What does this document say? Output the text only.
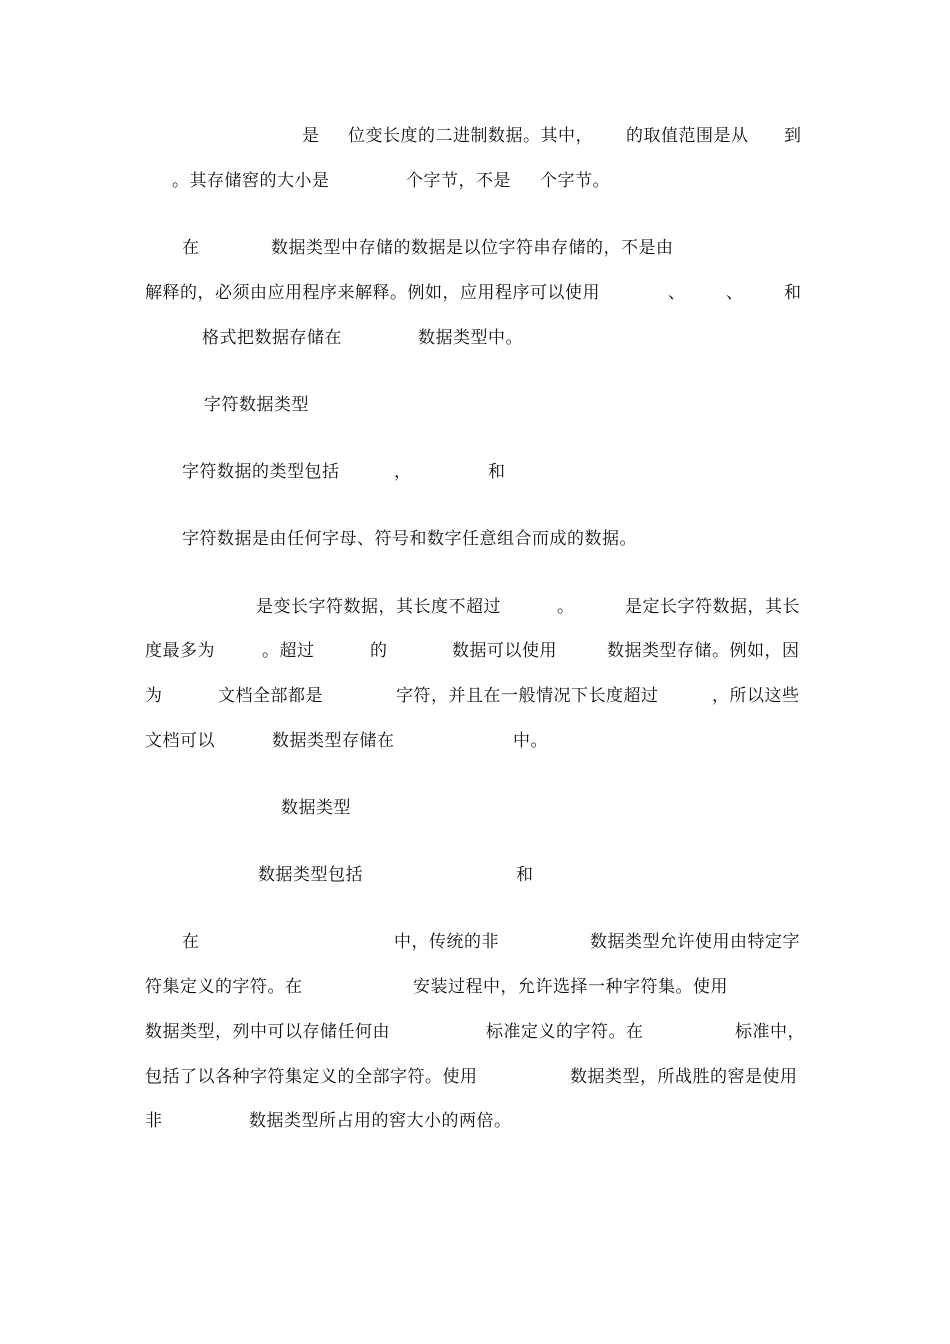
是 位变长度的二进制数据。其中， 的取值范围是从 到
。其存储窖的大小是	个字节，不是 个字节。
在	数据类型中存储的数据是以位字符串存储的，不是由
解释的，必须由应用程序来解释。例如，应用程序可以使用	、 、 和
格式把数据存储在	数据类型中。
字符数据类型
字符数据的类型包括	，	和
字符数据是由任何字母、符号和数字任意组合而成的数据。
是变长字符数据，其长度不超过	。	是定长字符数据，其长
度最多为	。超过	的	数据可以使用	数据类型存储。例如，因
为	文档全部都是	字符，并且在一般情况下长度超过	，所以这些
文档可以	数据类型存储在	中。
数据类型
数据类型包括	和
在	中，传统的非	数据类型允许使用由特定字
符集定义的字符。在	安装过程中，允许选择一种字符集。使用
数据类型，列中可以存储任何由	标准定义的字符。在	标准中，
包括了以各种字符集定义的全部字符。使用	数据类型，所战胜的窖是使用
非	数据类型所占用的窖大小的两倍。
